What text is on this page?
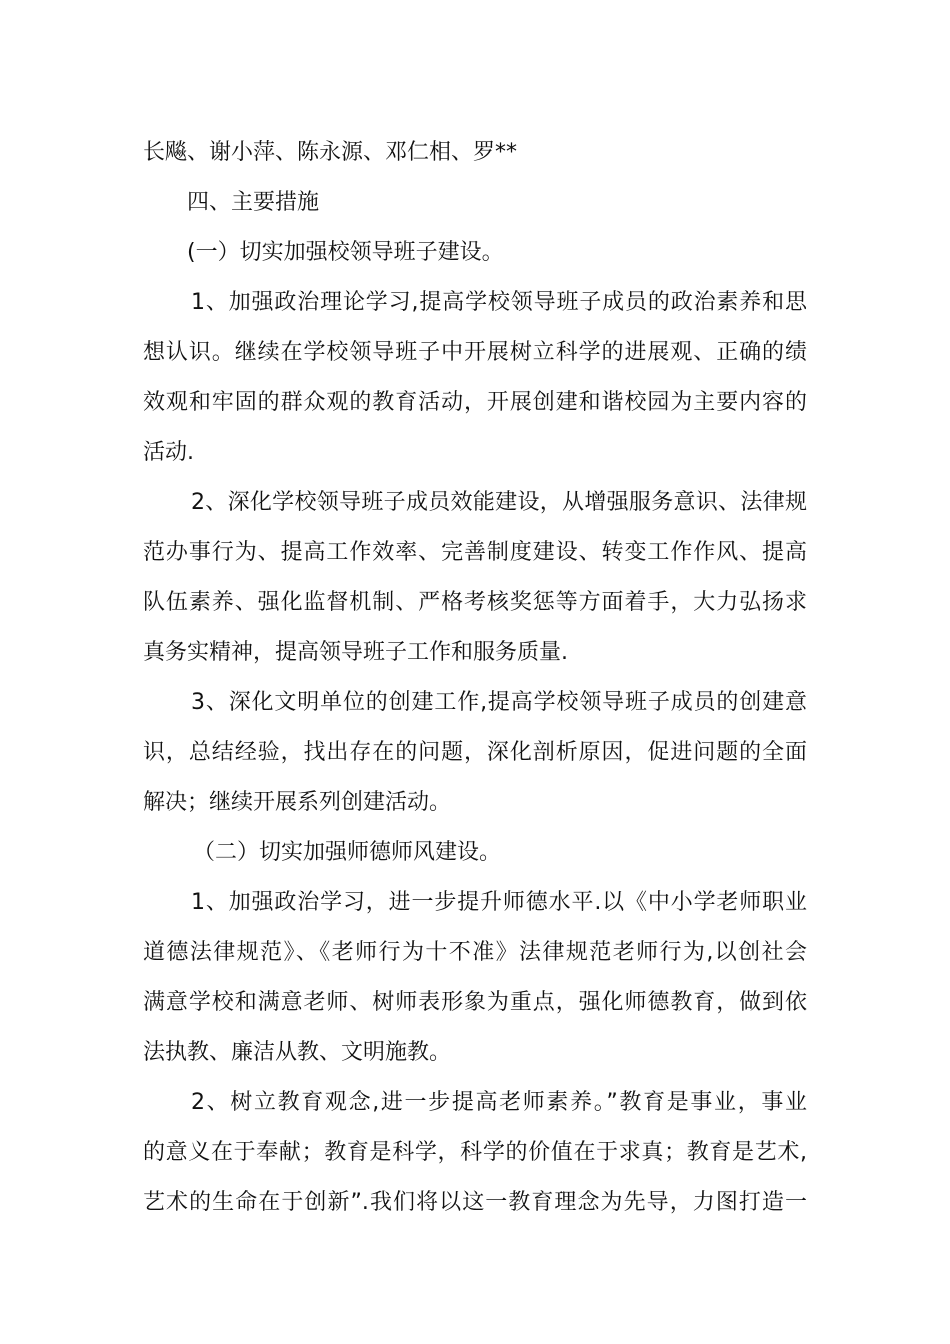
长飚、谢小萍、陈永源、邓仁相、罗**
四、主要措施
(一）切实加强校领导班子建设。
1、加强政治理论学习,提高学校领导班子成员的政治素养和思
想认识。继续在学校领导班子中开展树立科学的进展观、正确的绩
效观和牢固的群众观的教育活动，开展创建和谐校园为主要内容的
活动.
2、深化学校领导班子成员效能建设，从增强服务意识、法律规
范办事行为、提高工作效率、完善制度建设、转变工作作风、提高
队伍素养、强化监督机制、严格考核奖惩等方面着手，大力弘扬求
真务实精神，提高领导班子工作和服务质量.
3、深化文明单位的创建工作,提高学校领导班子成员的创建意
识，总结经验，找出存在的问题，深化剖析原因，促进问题的全面
解决；继续开展系列创建活动。
（二）切实加强师德师风建设。
1、加强政治学习，进一步提升师德水平.以《中小学老师职业
道德法律规范》、《老师行为十不准》法律规范老师行为,以创社会
满意学校和满意老师、树师表形象为重点，强化师德教育，做到依
法执教、廉洁从教、文明施教。
2、树立教育观念,进一步提高老师素养。”教育是事业，事业
的意义在于奉献；教育是科学，科学的价值在于求真；教育是艺术,
艺术的生命在于创新”.我们将以这一教育理念为先导，力图打造一
